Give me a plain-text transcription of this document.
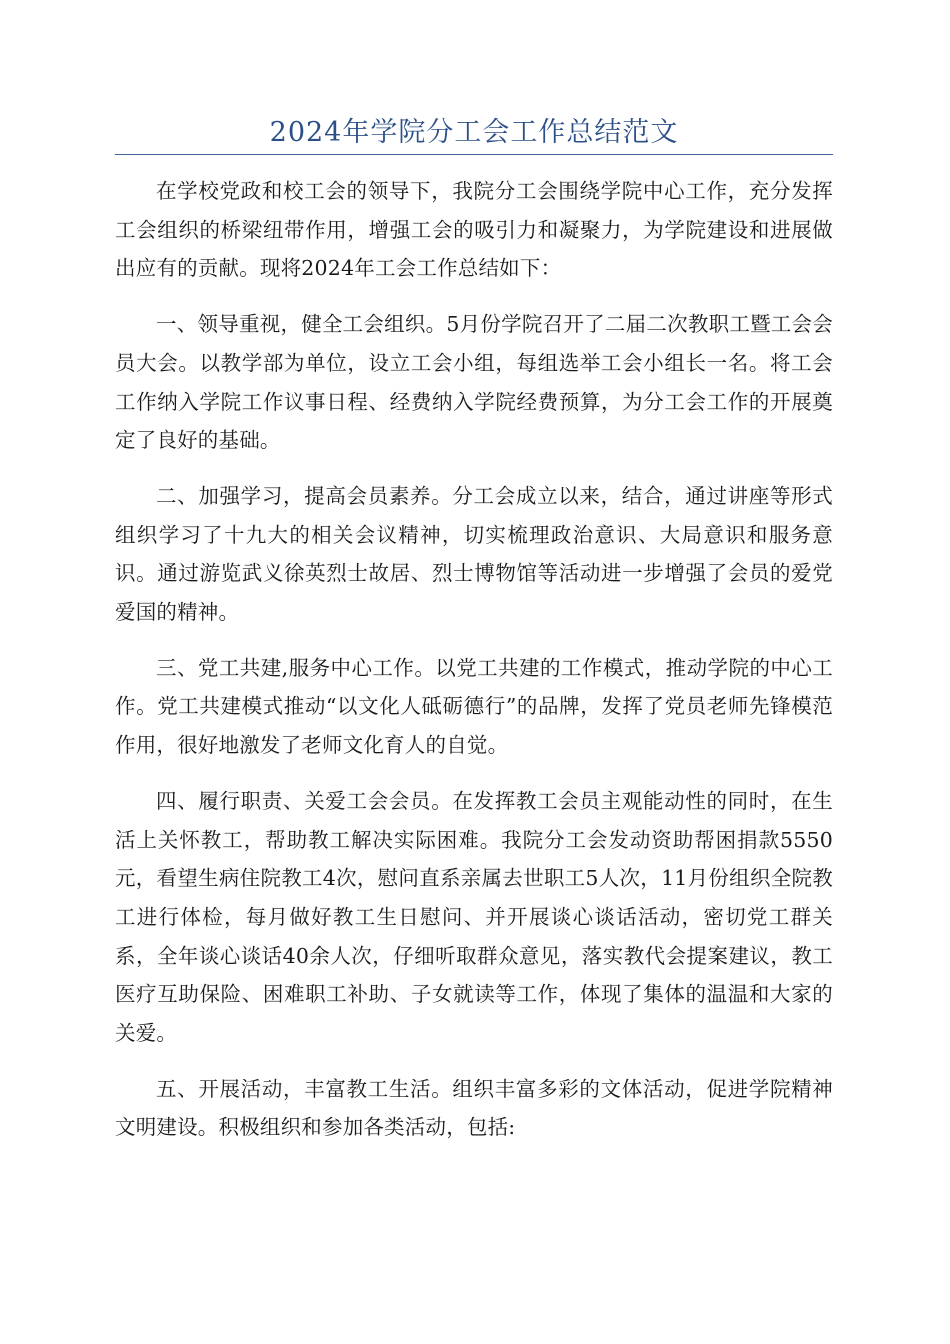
2024年学院分工会工作总结范文

在学校党政和校工会的领导下，我院分工会围绕学院中心工作，充分发挥工会组织的桥梁纽带作用，增强工会的吸引力和凝聚力，为学院建设和进展做出应有的贡献。现将2024年工会工作总结如下：

一、领导重视，健全工会组织。5月份学院召开了二届二次教职工暨工会会员大会。以教学部为单位，设立工会小组，每组选举工会小组长一名。将工会工作纳入学院工作议事日程、经费纳入学院经费预算，为分工会工作的开展奠定了良好的基础。

二、加强学习，提高会员素养。分工会成立以来，结合，通过讲座等形式组织学习了十九大的相关会议精神，切实梳理政治意识、大局意识和服务意识。通过游览武义徐英烈士故居、烈士博物馆等活动进一步增强了会员的爱党爱国的精神。

三、党工共建,服务中心工作。以党工共建的工作模式，推动学院的中心工作。党工共建模式推动“以文化人砥砺德行”的品牌，发挥了党员老师先锋模范作用，很好地激发了老师文化育人的自觉。

四、履行职责、关爱工会会员。在发挥教工会员主观能动性的同时，在生活上关怀教工，帮助教工解决实际困难。我院分工会发动资助帮困捐款5550元，看望生病住院教工4次，慰问直系亲属去世职工5人次，11月份组织全院教工进行体检，每月做好教工生日慰问、并开展谈心谈话活动，密切党工群关系，全年谈心谈话40余人次，仔细听取群众意见，落实教代会提案建议，教工医疗互助保险、困难职工补助、子女就读等工作，体现了集体的温温和大家的关爱。

五、开展活动，丰富教工生活。组织丰富多彩的文体活动，促进学院精神文明建设。积极组织和参加各类活动，包括:
